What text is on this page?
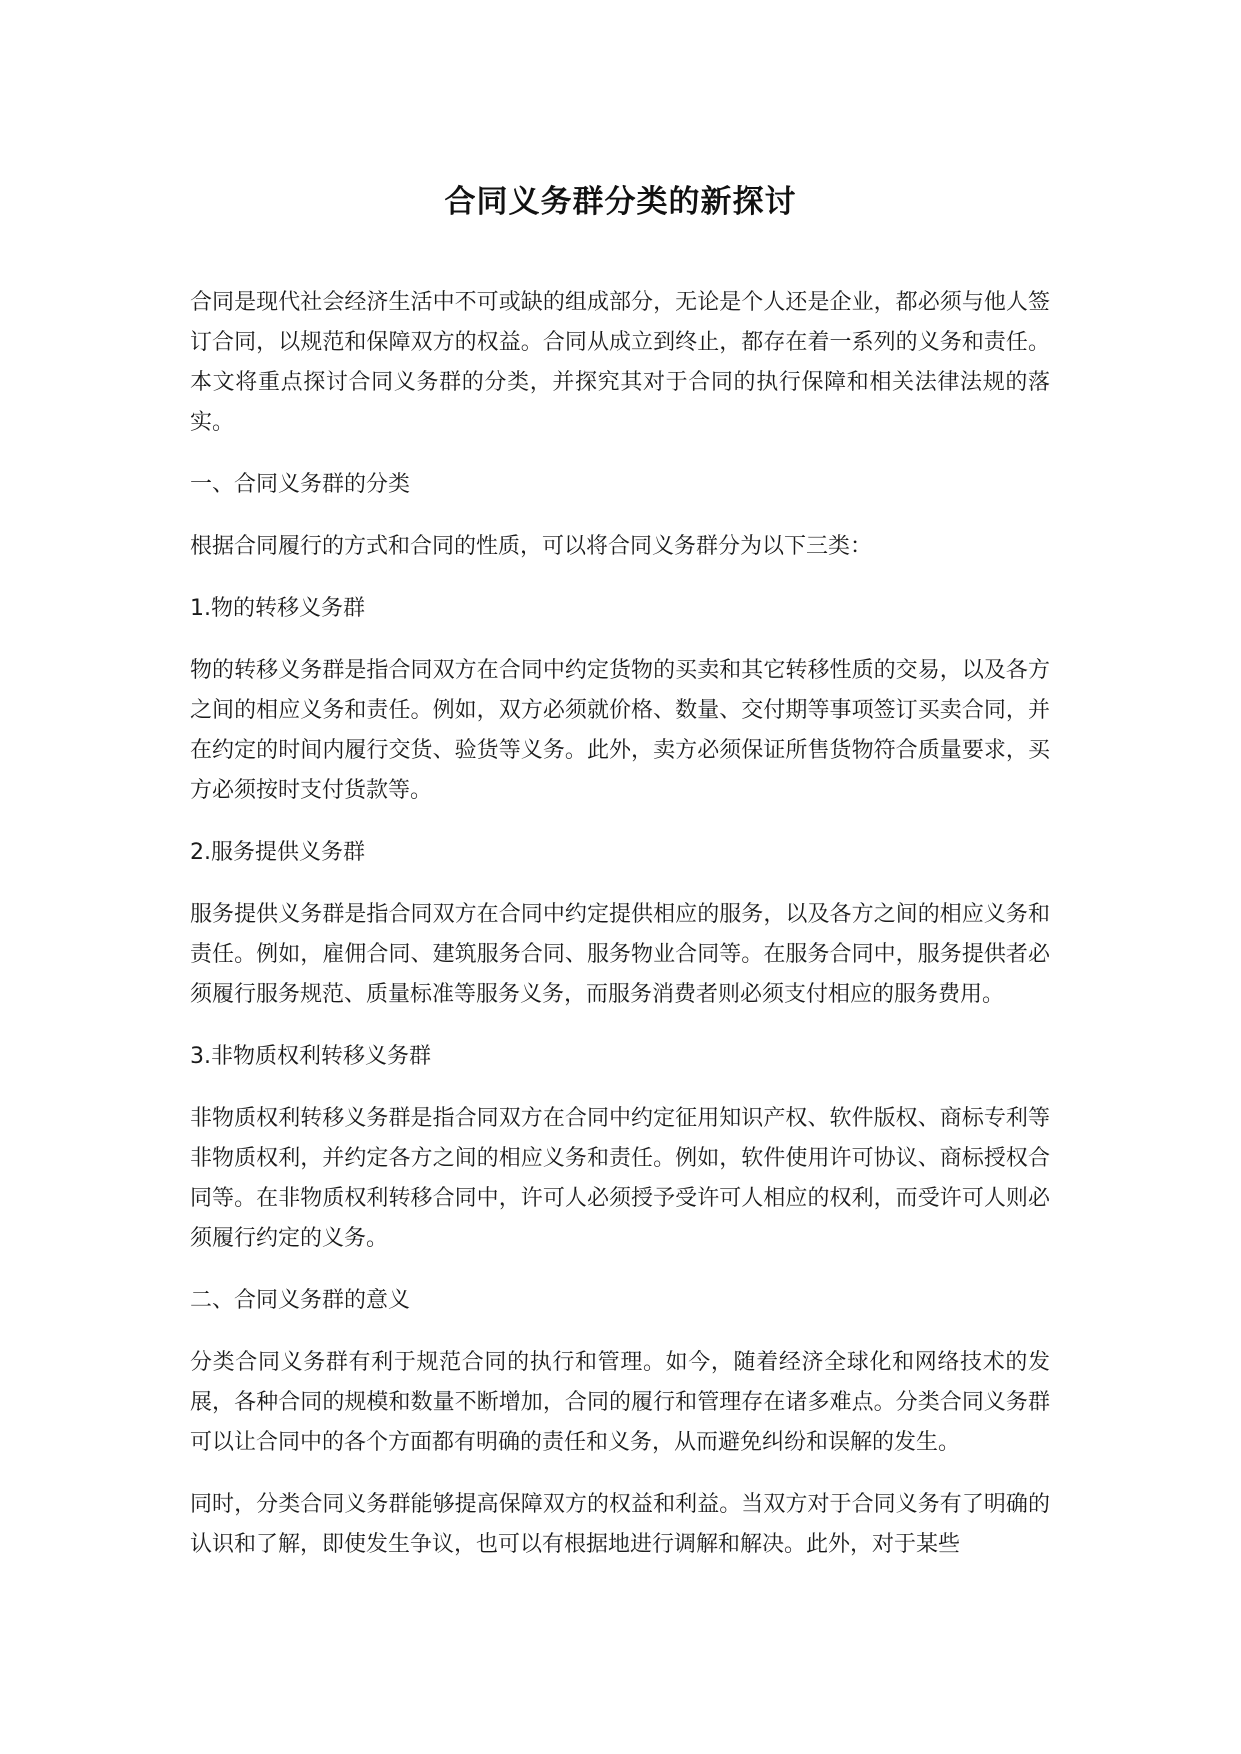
合同义务群分类的新探讨

合同是现代社会经济生活中不可或缺的组成部分，无论是个人还是企业，都必须与他人签订合同，以规范和保障双方的权益。合同从成立到终止，都存在着一系列的义务和责任。本文将重点探讨合同义务群的分类，并探究其对于合同的执行保障和相关法律法规的落实。

一、合同义务群的分类

根据合同履行的方式和合同的性质，可以将合同义务群分为以下三类：

1.物的转移义务群

物的转移义务群是指合同双方在合同中约定货物的买卖和其它转移性质的交易，以及各方之间的相应义务和责任。例如，双方必须就价格、数量、交付期等事项签订买卖合同，并在约定的时间内履行交货、验货等义务。此外，卖方必须保证所售货物符合质量要求，买方必须按时支付货款等。

2.服务提供义务群

服务提供义务群是指合同双方在合同中约定提供相应的服务，以及各方之间的相应义务和责任。例如，雇佣合同、建筑服务合同、服务物业合同等。在服务合同中，服务提供者必须履行服务规范、质量标准等服务义务，而服务消费者则必须支付相应的服务费用。

3.非物质权利转移义务群

非物质权利转移义务群是指合同双方在合同中约定征用知识产权、软件版权、商标专利等非物质权利，并约定各方之间的相应义务和责任。例如，软件使用许可协议、商标授权合同等。在非物质权利转移合同中，许可人必须授予受许可人相应的权利，而受许可人则必须履行约定的义务。

二、合同义务群的意义

分类合同义务群有利于规范合同的执行和管理。如今，随着经济全球化和网络技术的发展，各种合同的规模和数量不断增加，合同的履行和管理存在诸多难点。分类合同义务群可以让合同中的各个方面都有明确的责任和义务，从而避免纠纷和误解的发生。

同时，分类合同义务群能够提高保障双方的权益和利益。当双方对于合同义务有了明确的认识和了解，即使发生争议，也可以有根据地进行调解和解决。此外，对于某些
